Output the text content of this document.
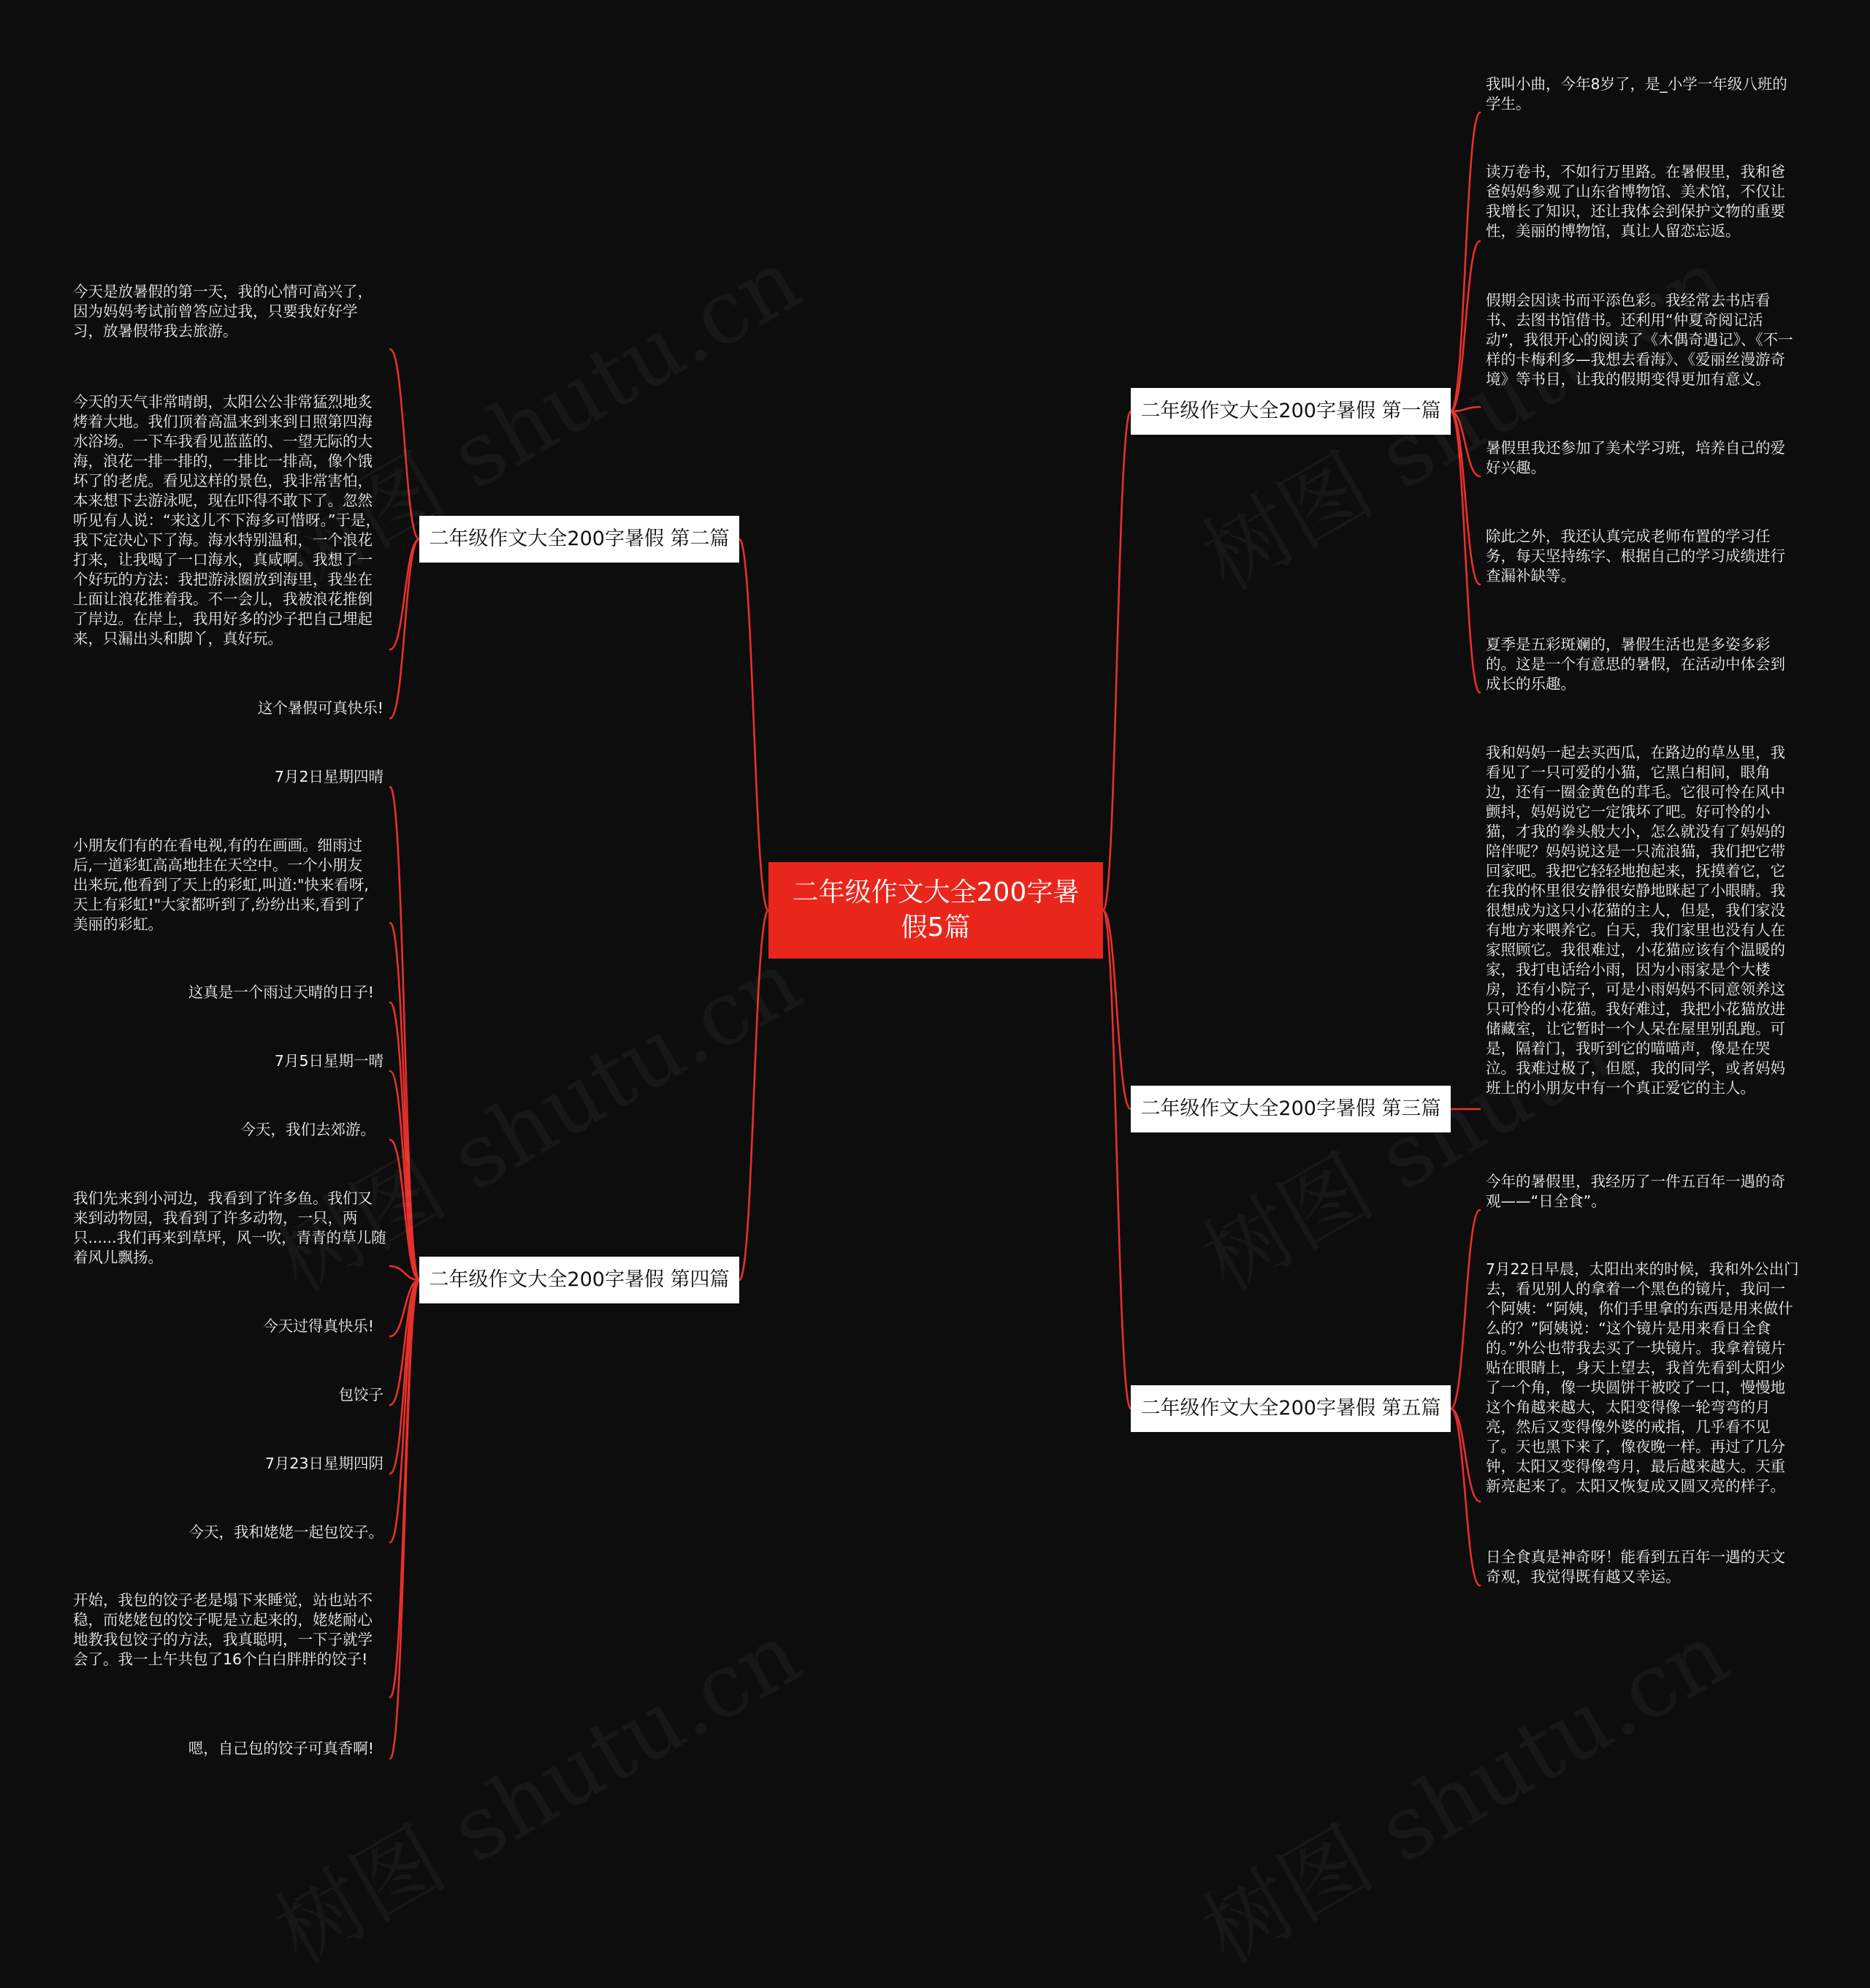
二年级作文大全200字暑假5篇
二年级作文大全200字暑假 第一篇
二年级作文大全200字暑假 第二篇
二年级作文大全200字暑假 第三篇
二年级作文大全200字暑假 第四篇
二年级作文大全200字暑假 第五篇
我叫小曲，今年8岁了，是_小学一年级八班的学生。
读万卷书，不如行万里路。在暑假里，我和爸爸妈妈参观了山东省博物馆、美术馆，不仅让我增长了知识，还让我体会到保护文物的重要性，美丽的博物馆，真让人留恋忘返。
假期会因读书而平添色彩。我经常去书店看书、去图书馆借书。还利用“仲夏奇阅记活动”，我很开心的阅读了《木偶奇遇记》、《不一样的卡梅利多—我想去看海》、《爱丽丝漫游奇境》等书目，让我的假期变得更加有意义。
暑假里我还参加了美术学习班，培养自己的爱好兴趣。
除此之外，我还认真完成老师布置的学习任务，每天坚持练字、根据自己的学习成绩进行查漏补缺等。
夏季是五彩斑斓的，暑假生活也是多姿多彩的。这是一个有意思的暑假，在活动中体会到成长的乐趣。
今天是放暑假的第一天，我的心情可高兴了，因为妈妈考试前曾答应过我，只要我好好学习，放暑假带我去旅游。
今天的天气非常晴朗，太阳公公非常猛烈地炙烤着大地。我们顶着高温来到来到日照第四海水浴场。一下车我看见蓝蓝的、一望无际的大海，浪花一排一排的，一排比一排高，像个饿坏了的老虎。看见这样的景色，我非常害怕，本来想下去游泳呢，现在吓得不敢下了。忽然听见有人说：“来这儿不下海多可惜呀。”于是，我下定决心下了海。海水特别温和，一个浪花打来，让我喝了一口海水，真咸啊。我想了一个好玩的方法：我把游泳圈放到海里，我坐在上面让浪花推着我。不一会儿，我被浪花推倒了岸边。在岸上，我用好多的沙子把自己埋起来，只漏出头和脚丫，真好玩。
这个暑假可真快乐!
我和妈妈一起去买西瓜，在路边的草丛里，我看见了一只可爱的小猫，它黑白相间，眼角边，还有一圈金黄色的茸毛。它很可怜在风中颤抖，妈妈说它一定饿坏了吧。好可怜的小猫，才我的拳头般大小，怎么就没有了妈妈的陪伴呢？妈妈说这是一只流浪猫，我们把它带回家吧。我把它轻轻地抱起来，抚摸着它，它在我的怀里很安静很安静地眯起了小眼睛。我很想成为这只小花猫的主人，但是，我们家没有地方来喂养它。白天，我们家里也没有人在家照顾它。我很难过，小花猫应该有个温暖的家，我打电话给小雨，因为小雨家是个大楼房，还有小院子，可是小雨妈妈不同意领养这只可怜的小花猫。我好难过，我把小花猫放进储藏室，让它暂时一个人呆在屋里别乱跑。可是，隔着门，我听到它的喵喵声，像是在哭泣。我难过极了，但愿，我的同学，或者妈妈班上的小朋友中有一个真正爱它的主人。
7月2日星期四晴
小朋友们有的在看电视,有的在画画。细雨过后,一道彩虹高高地挂在天空中。一个小朋友出来玩,他看到了天上的彩虹,叫道:"快来看呀,天上有彩虹!"大家都听到了,纷纷出来,看到了美丽的彩虹。
这真是一个雨过天晴的日子!
7月5日星期一晴
今天，我们去郊游。
我们先来到小河边，我看到了许多鱼。我们又来到动物园，我看到了许多动物，一只，两只......我们再来到草坪，风一吹，青青的草儿随着风儿飘扬。
今天过得真快乐!
包饺子
7月23日星期四阴
今天，我和姥姥一起包饺子。
开始，我包的饺子老是塌下来睡觉，站也站不稳，而姥姥包的饺子呢是立起来的，姥姥耐心地教我包饺子的方法，我真聪明，一下子就学会了。我一上午共包了16个白白胖胖的饺子!
嗯，自己包的饺子可真香啊!
今年的暑假里，我经历了一件五百年一遇的奇观——“日全食”。
7月22日早晨，太阳出来的时候，我和外公出门去，看见别人的拿着一个黑色的镜片，我问一个阿姨：“阿姨，你们手里拿的东西是用来做什么的？”阿姨说：“这个镜片是用来看日全食的。”外公也带我去买了一块镜片。我拿着镜片贴在眼睛上，身天上望去，我首先看到太阳少了一个角，像一块圆饼干被咬了一口，慢慢地这个角越来越大，太阳变得像一轮弯弯的月亮，然后又变得像外婆的戒指，几乎看不见了。天也黑下来了，像夜晚一样。再过了几分钟，太阳又变得像弯月，最后越来越大。天重新亮起来了。太阳又恢复成又圆又亮的样子。
日全食真是神奇呀！能看到五百年一遇的天文奇观，我觉得既有越又幸运。
